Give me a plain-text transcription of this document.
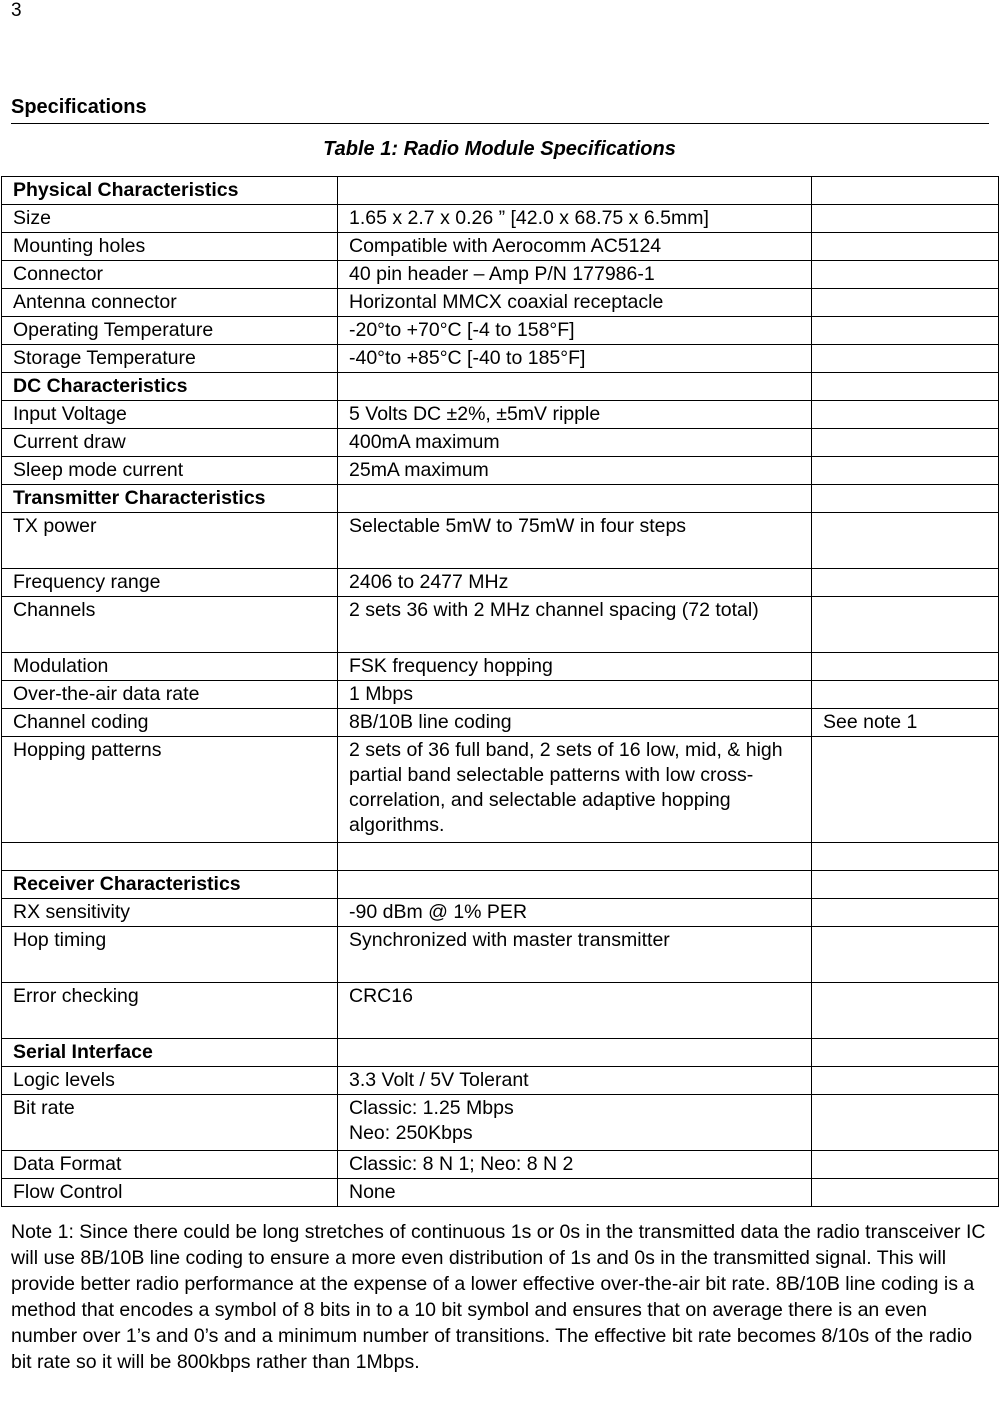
3
Specifications
Table 1: Radio Module Specifications
Physical Characteristics		
Size	1.65 x 2.7 x 0.26 ” [42.0 x 68.75 x 6.5mm]	
Mounting holes	Compatible with Aerocomm AC5124	
Connector	40 pin header – Amp P/N 177986-1	
Antenna connector	Horizontal MMCX coaxial receptacle	
Operating Temperature	-20°to +70°C [-4 to 158°F]	
Storage Temperature	-40°to +85°C [-40 to 185°F]	
DC Characteristics		
Input Voltage	5 Volts DC ±2%, ±5mV ripple	
Current draw	400mA maximum	
Sleep mode current	25mA maximum	
Transmitter Characteristics		
TX power	Selectable 5mW to 75mW in four steps	
Frequency range	2406 to 2477 MHz	
Channels	2 sets 36 with 2 MHz channel spacing (72 total)	
Modulation	FSK frequency hopping	
Over-the-air data rate	1 Mbps	
Channel coding	8B/10B line coding	See note 1
Hopping patterns	2 sets of 36 full band, 2 sets of 16 low, mid, & high partial band selectable patterns with low cross-correlation, and selectable adaptive hopping algorithms.	

Receiver Characteristics		
RX sensitivity	-90 dBm @ 1% PER	
Hop timing	Synchronized with master transmitter	
Error checking	CRC16	
Serial Interface		
Logic levels	3.3 Volt / 5V Tolerant	
Bit rate	Classic: 1.25 Mbps
Neo: 250Kbps	
Data Format	Classic: 8 N 1; Neo: 8 N 2	
Flow Control	None	
Note 1: Since there could be long stretches of continuous 1s or 0s in the transmitted data the radio transceiver IC will use 8B/10B line coding to ensure a more even distribution of 1s and 0s in the transmitted signal. This will provide better radio performance at the expense of a lower effective over-the-air bit rate. 8B/10B line coding is a method that encodes a symbol of 8 bits in to a 10 bit symbol and ensures that on average there is an even number over 1’s and 0’s and a minimum number of transitions. The effective bit rate becomes 8/10s of the radio bit rate so it will be 800kbps rather than 1Mbps.
